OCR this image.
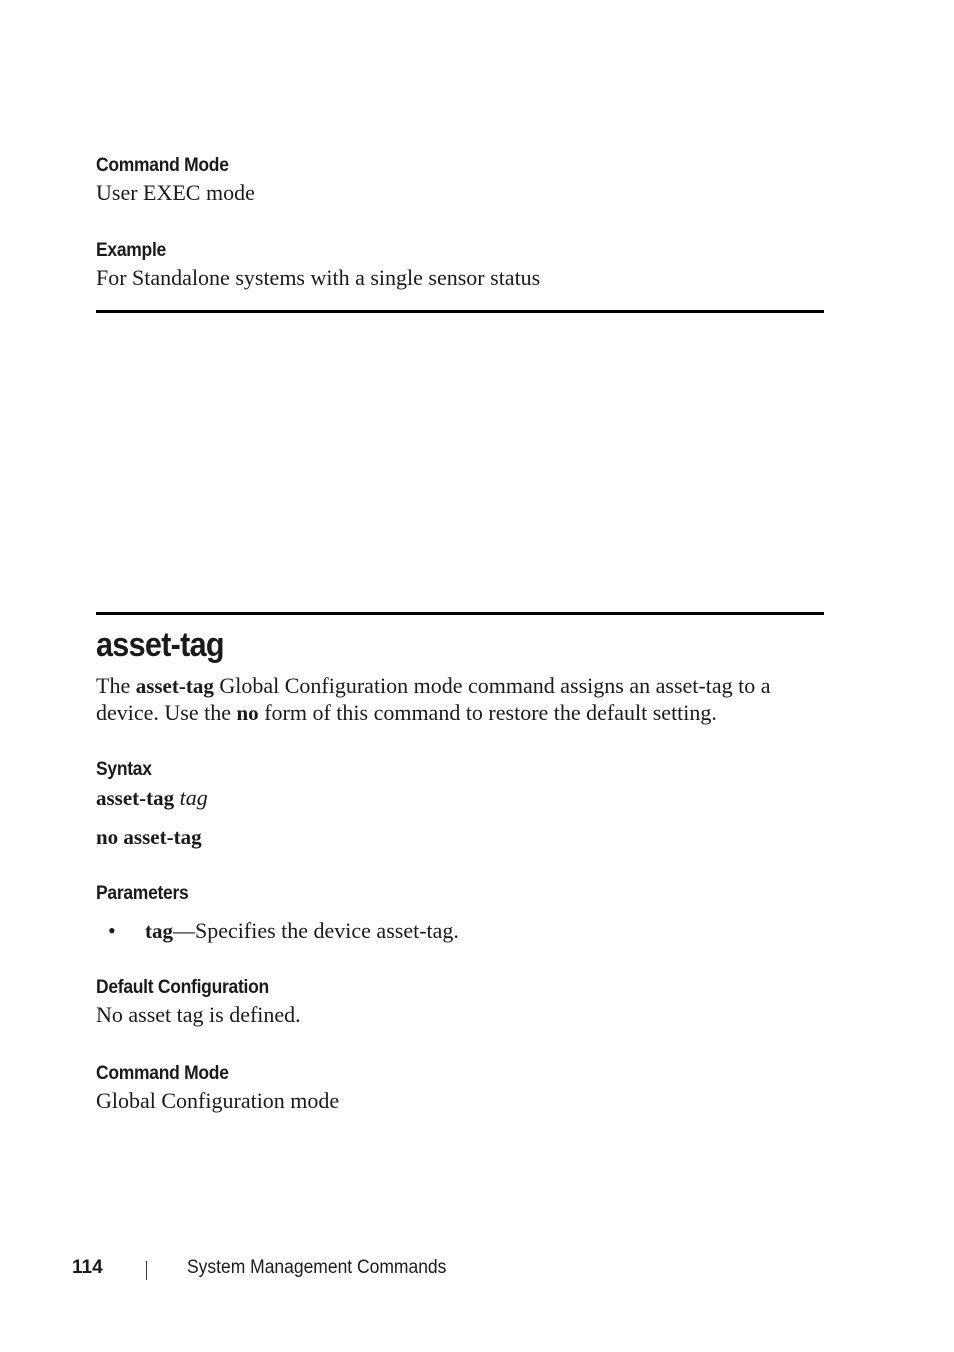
Command Mode
User EXEC mode
Example
For Standalone systems with a single sensor status
asset-tag
The asset-tag Global Configuration mode command assigns an asset-tag to a
device. Use the no form of this command to restore the default setting.
Syntax
asset-tag tag
no asset-tag
Parameters
• tag—Specifies the device asset-tag.
Default Configuration
No asset tag is defined.
Command Mode
Global Configuration mode
114	System Management Commands
